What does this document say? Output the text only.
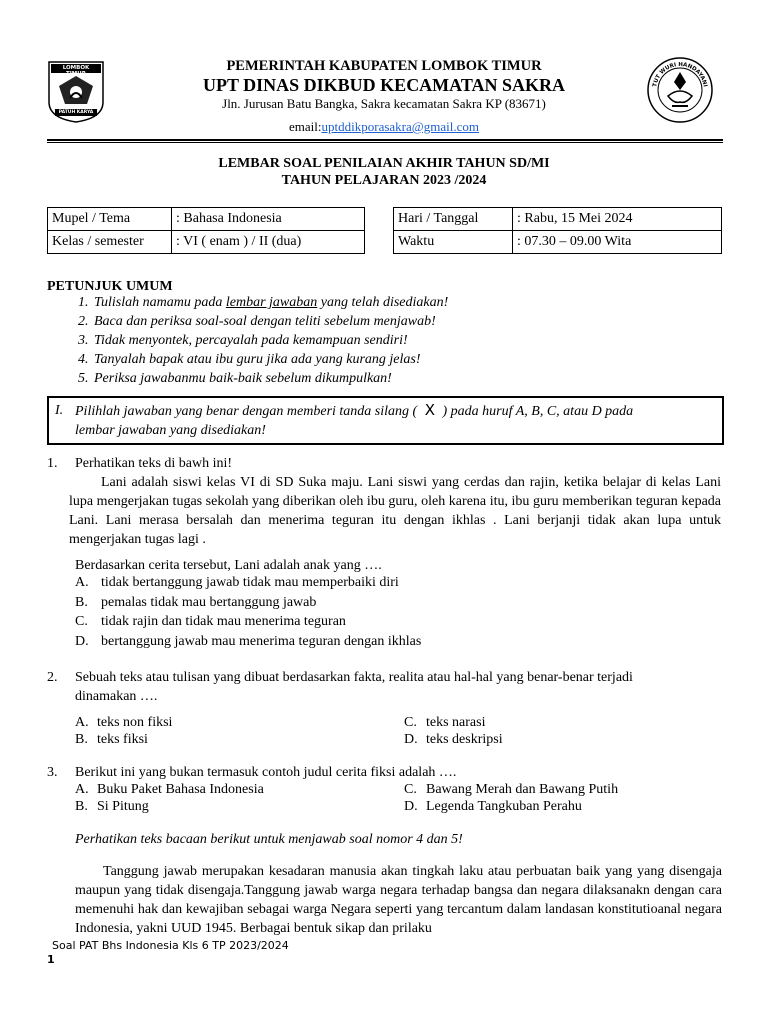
LOMBOK TIMUR
PATUH KARYA
TUT WURI HANDAYANI
PEMERINTAH KABUPATEN LOMBOK TIMUR
UPT DINAS DIKBUD KECAMATAN SAKRA
Jln. Jurusan Batu Bangka, Sakra kecamatan Sakra KP (83671)
email:uptddikporasakra@gmail.com
LEMBAR SOAL PENILAIAN AKHIR TAHUN SD/MI
TAHUN PELAJARAN 2023 /2024
Mupel / Tema	: Bahasa Indonesia
Kelas / semester	: VI ( enam ) / II (dua)
Hari / Tanggal	: Rabu, 15 Mei 2024
Waktu	: 07.30 – 09.00 Wita
PETUNJUK UMUM
1. Tulislah namamu pada lembar jawaban yang telah disediakan!
2. Baca dan periksa soal-soal dengan teliti sebelum menjawab!
3. Tidak menyontek, percayalah pada kemampuan sendiri!
4. Tanyalah bapak atau ibu guru jika ada yang kurang jelas!
5. Periksa jawabanmu baik-baik sebelum dikumpulkan!
I. Pilihlah jawaban yang benar dengan memberi tanda silang ( X ) pada huruf A, B, C, atau D pada
lembar jawaban yang disediakan!
1. Perhatikan teks di bawh ini!
Lani adalah siswi kelas VI di SD Suka maju. Lani siswi yang cerdas dan rajin, ketika belajar di kelas Lani lupa mengerjakan tugas sekolah yang diberikan oleh ibu guru, oleh karena itu, ibu guru memberikan teguran kepada Lani. Lani merasa bersalah dan menerima teguran itu dengan ikhlas . Lani berjanji tidak akan lupa untuk mengerjakan tugas lagi .
Berdasarkan cerita tersebut, Lani adalah anak yang ….
A. tidak bertanggung jawab tidak mau memperbaiki diri
B. pemalas tidak mau bertanggung jawab
C. tidak rajin dan tidak mau menerima teguran
D. bertanggung jawab mau menerima teguran dengan ikhlas
2. Sebuah teks atau tulisan yang dibuat berdasarkan fakta, realita atau hal-hal yang benar-benar terjadi
dinamakan ….
A. teks non fiksi	C. teks narasi
B. teks fiksi	D. teks deskripsi
3. Berikut ini yang bukan termasuk contoh judul cerita fiksi adalah ….
A. Buku Paket Bahasa Indonesia	C. Bawang Merah dan Bawang Putih
B. Si Pitung	D. Legenda Tangkuban Perahu
Perhatikan teks bacaan berikut untuk menjawab soal nomor 4 dan 5!
Tanggung jawab merupakan kesadaran manusia akan tingkah laku atau perbuatan baik yang yang disengaja maupun yang tidak disengaja.Tanggung jawab warga negara terhadap bangsa dan negara dilaksanakn dengan cara memenuhi hak dan kewajiban sebagai warga Negara seperti yang tercantum dalam landasan konstitutioanal negara Indonesia, yakni UUD 1945. Berbagai bentuk sikap dan prilaku
Soal PAT Bhs Indonesia Kls 6 TP 2023/2024
1
